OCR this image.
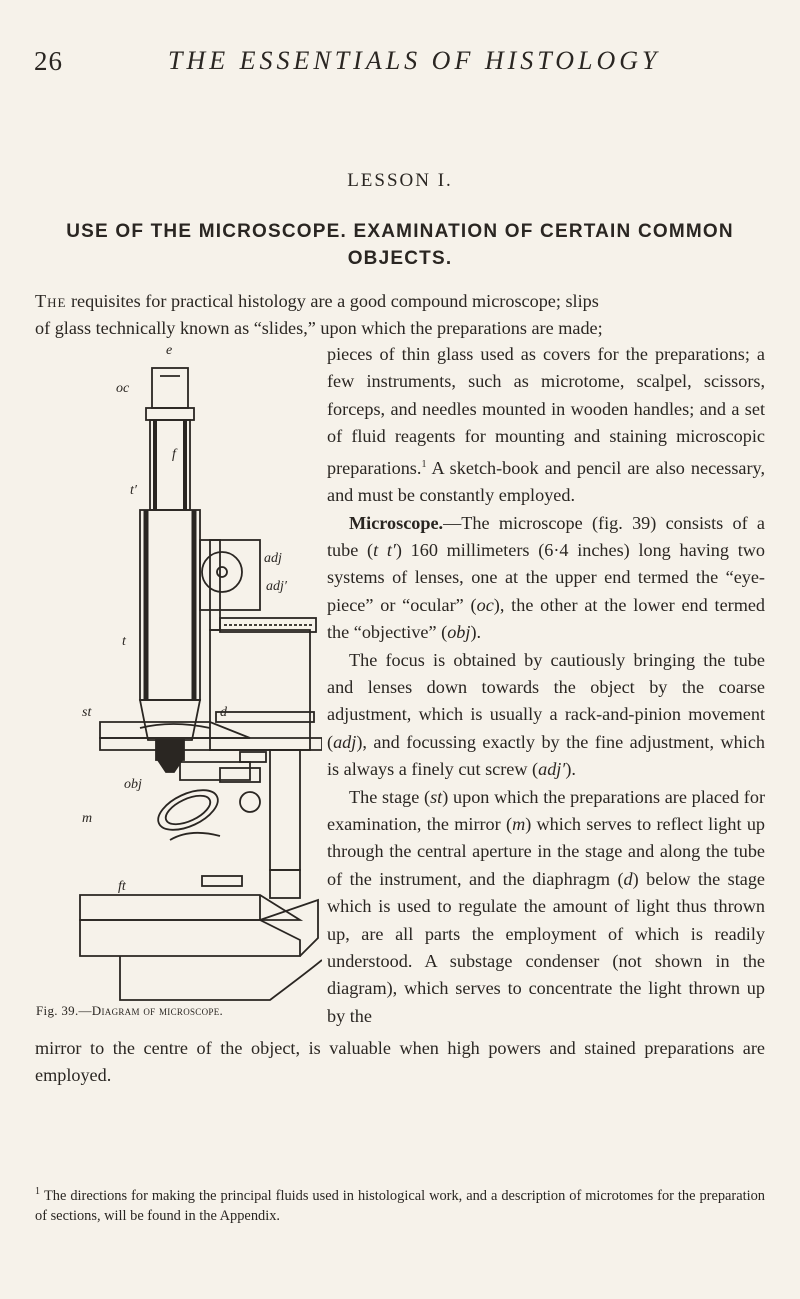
26	THE ESSENTIALS OF HISTOLOGY
LESSON I.
USE OF THE MICROSCOPE. EXAMINATION OF CERTAIN COMMON OBJECTS.
The requisites for practical histology are a good compound microscope; slips
of glass technically known as “slides,” upon which the preparations are made;
e
oc
f
t′
t
adj
adj′
obj
st	d
m
ft

pieces of thin glass used as covers for the preparations; a few instruments, such as microtome, scalpel, scissors, forceps, and needles mounted in wooden handles; and a set of fluid reagents for mounting and staining microscopic preparations.$^1$ A sketch-book and pencil are also necessary, and must be constantly employed.

Microscope.—The microscope (fig. 39) consists of a tube (t t′) 160 millimeters (6·4 inches) long having two systems of lenses, one at the upper end termed the “eye-piece” or “ocular” (oc), the other at the lower end termed the “objective” (obj).

The focus is obtained by cautiously bringing the tube and lenses down towards the object by the coarse adjustment, which is usually a rack-and-pinion movement (adj), and focussing exactly by the fine adjustment, which is always a finely cut screw (adj′).

The stage (st) upon which the preparations are placed for examination, the mirror (m) which serves to reflect light up through the central aperture in the stage and along the tube of the instrument, and the diaphragm (d) below the stage which is used to regulate the amount of light thus thrown up, are all parts the employment of which is readily understood. A substage condenser (not shown in the diagram), which serves to concentrate the light thrown up by the

Fig. 39.—Diagram of microscope.
mirror to the centre of the object, is valuable when high powers and stained preparations are employed.
$^1$ The directions for making the principal fluids used in histological work, and a description of microtomes for the preparation of sections, will be found in the Appendix.
